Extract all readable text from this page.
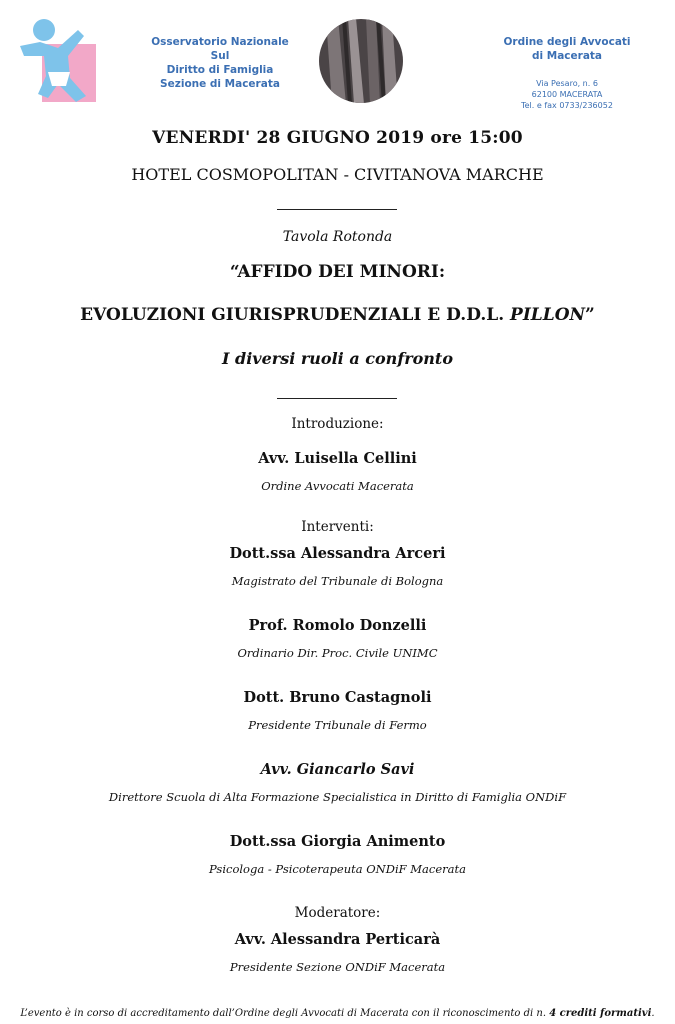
Osservatorio Nazionale Sul
Diritto di Famiglia
Sezione di Macerata
Ordine degli Avvocati
di Macerata
Via Pesaro, n. 6
62100 MACERATA
Tel. e fax 0733/236052
VENERDI' 28 GIUGNO 2019 ore 15:00
HOTEL COSMOPOLITAN - CIVITANOVA MARCHE
Tavola Rotonda
“AFFIDO DEI MINORI:
EVOLUZIONI GIURISPRUDENZIALI E D.D.L. PILLON”
I diversi ruoli a confronto
Introduzione:
Avv. Luisella Cellini
Ordine Avvocati Macerata
Interventi:
Dott.ssa Alessandra Arceri
Magistrato del Tribunale di Bologna
Prof. Romolo Donzelli
Ordinario Dir. Proc. Civile UNIMC
Dott. Bruno Castagnoli
Presidente Tribunale di Fermo
Avv. Giancarlo Savi
Direttore Scuola di Alta Formazione Specialistica in Diritto di Famiglia ONDiF
Dott.ssa Giorgia Animento
Psicologa - Psicoterapeuta ONDiF Macerata
Moderatore:
Avv. Alessandra Perticarà
Presidente Sezione ONDiF Macerata
L’evento è in corso di accreditamento dall’Ordine degli Avvocati di Macerata con il riconoscimento di n. 4 crediti formativi.
